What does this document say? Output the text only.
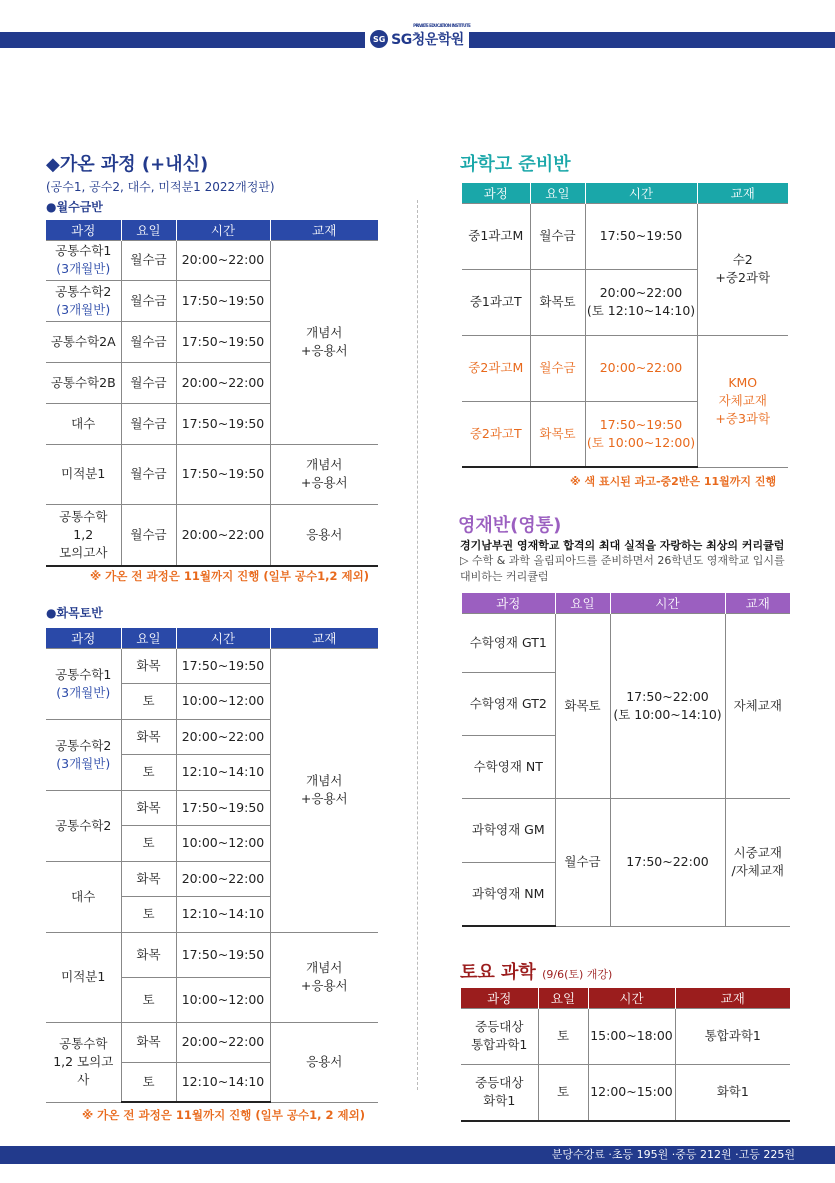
SG
PRIVATE EDUCATION INSTITUTE
SG청운학원
분당수강료 ·초등 195원 ·중등 212원 ·고등 225원
◆가온 과정 (+내신)
(공수1, 공수2, 대수, 미적분1 2022개정판)
●월수금반
과정	요일	시간	교재
공통수학1
(3개월반)	월수금	20:00~22:00	개념서
+응용서
공통수학2
(3개월반)	월수금	17:50~19:50	
공통수학2A	월수금	17:50~19:50	
공통수학2B	월수금	20:00~22:00	
대수	월수금	17:50~19:50	
미적분1	월수금	17:50~19:50	개념서
+응용서
공통수학
1,2
모의고사	월수금	20:00~22:00	응용서
※ 가온 전 과정은 11월까지 진행 (일부 공수1,2 제외)
●화목토반
과정	요일	시간	교재
공통수학1
(3개월반)	화목	17:50~19:50	개념서
+응용서
	토	10:00~12:00	
공통수학2
(3개월반)	화목	20:00~22:00	
	토	12:10~14:10	
공통수학2	화목	17:50~19:50	
	토	10:00~12:00	
대수	화목	20:00~22:00	
	토	12:10~14:10	
미적분1	화목	17:50~19:50	개념서
+응용서
	토	10:00~12:00	
공통수학
1,2 모의고
사	화목	20:00~22:00	응용서
	토	12:10~14:10	
※ 가온 전 과정은 11월까지 진행 (일부 공수1, 2 제외)
과학고 준비반
과정	요일	시간	교재
중1과고M	월수금	17:50~19:50	수2
+중2과학
중1과고T	화목토	20:00~22:00
(토 12:10~14:10)	
중2과고M	월수금	20:00~22:00	KMO
자체교재
+중3과학
중2과고T	화목토	17:50~19:50
(토 10:00~12:00)	
※ 색 표시된 과고-중2반은 11월까지 진행
영재반(영통)
경기남부권 영재학교 합격의 최대 실적을 자랑하는 최상의 커리큘럼
▷ 수학 & 과학 올림피아드를 준비하면서 26학년도 영재학교 입시를 대비하는 커리큘럼
과정	요일	시간	교재
수학영재 GT1	화목토	17:50~22:00
(토 10:00~14:10)	자체교재
수학영재 GT2			
수학영재 NT			
과학영재 GM	월수금	17:50~22:00	시중교재
/자체교재
과학영재 NM			
토요 과학 (9/6(토) 개강)
과정	요일	시간	교재
중등대상
통합과학1	토	15:00~18:00	통합과학1
중등대상
화학1	토	12:00~15:00	화학1
